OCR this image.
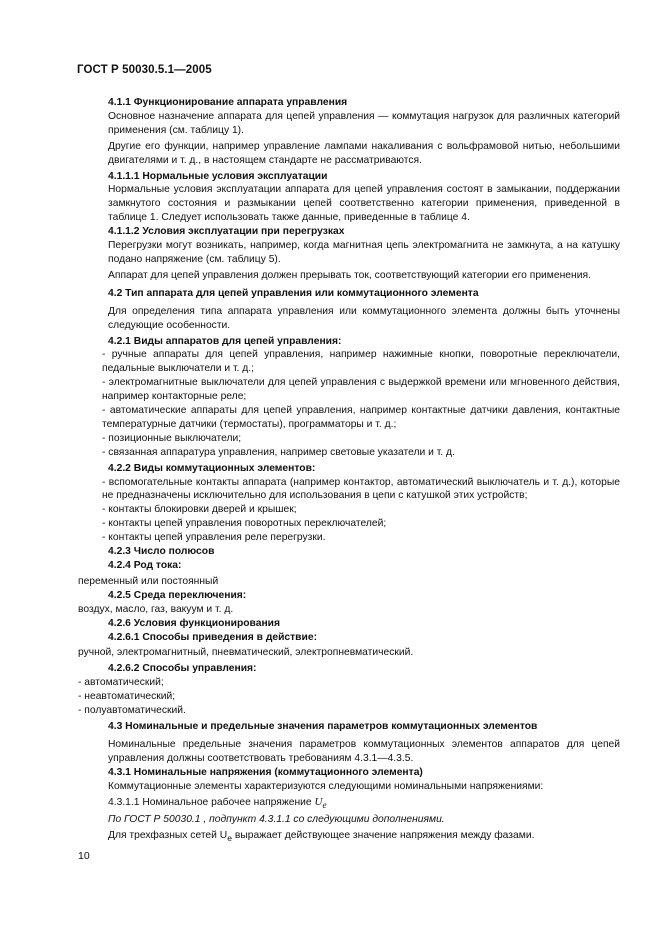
ГОСТ Р 50030.5.1—2005

4.1.1 Функционирование аппарата управления

Основное назначение аппарата для цепей управления — коммутация нагрузок для различных категорий применения (см. таблицу 1).

Другие его функции, например управление лампами накаливания с вольфрамовой нитью, небольшими двигателями и т. д., в настоящем стандарте не рассматриваются.

4.1.1.1 Нормальные условия эксплуатации

Нормальные условия эксплуатации аппарата для цепей управления состоят в замыкании, поддержании замкнутого состояния и размыкании цепей соответственно категории применения, приведенной в таблице 1. Следует использовать также данные, приведенные в таблице 4.

4.1.1.2 Условия эксплуатации при перегрузках

Перегрузки могут возникать, например, когда магнитная цепь электромагнита не замкнута, а на катушку подано напряжение (см. таблицу 5).

Аппарат для цепей управления должен прерывать ток, соответствующий категории его применения.

4.2 Тип аппарата для цепей управления или коммутационного элемента

Для определения типа аппарата управления или коммутационного элемента должны быть уточнены следующие особенности.

4.2.1 Виды аппаратов для цепей управления:

- ручные аппараты для цепей управления, например нажимные кнопки, поворотные переключатели, педальные выключатели и т. д.;

- электромагнитные выключатели для цепей управления с выдержкой времени или мгновенного действия, например контакторные реле;

- автоматические аппараты для цепей управления, например контактные датчики давления, контактные температурные датчики (термостаты), программаторы и т. д.;

- позиционные выключатели;

- связанная аппаратура управления, например световые указатели и т. д.

4.2.2 Виды коммутационных элементов:

- вспомогательные контакты аппарата (например контактор, автоматический выключатель и т. д.), которые не предназначены исключительно для использования в цепи с катушкой этих устройств;

- контакты блокировки дверей и крышек;

- контакты цепей управления поворотных переключателей;

- контакты цепей управления реле перегрузки.

4.2.3 Число полюсов

4.2.4 Род тока:

переменный или постоянный

4.2.5 Среда переключения:

воздух, масло, газ, вакуум и т. д.

4.2.6 Условия функционирования

4.2.6.1 Способы приведения в действие:

ручной, электромагнитный, пневматический, электропневматический.

4.2.6.2 Способы управления:

- автоматический;

- неавтоматический;

- полуавтоматический.

4.3 Номинальные и предельные значения параметров коммутационных элементов

Номинальные предельные значения параметров коммутационных элементов аппаратов для цепей управления должны соответствовать требованиям 4.3.1—4.3.5.

4.3.1 Номинальные напряжения (коммутационного элемента)

Коммутационные элементы характеризуются следующими номинальными напряжениями:

4.3.1.1 Номинальное рабочее напряжение $U_e$

По ГОСТ Р 50030.1 , подпункт 4.3.1.1 со следующими дополнениями.

Для трехфазных сетей $U_e$ выражает действующее значение напряжения между фазами.

10
